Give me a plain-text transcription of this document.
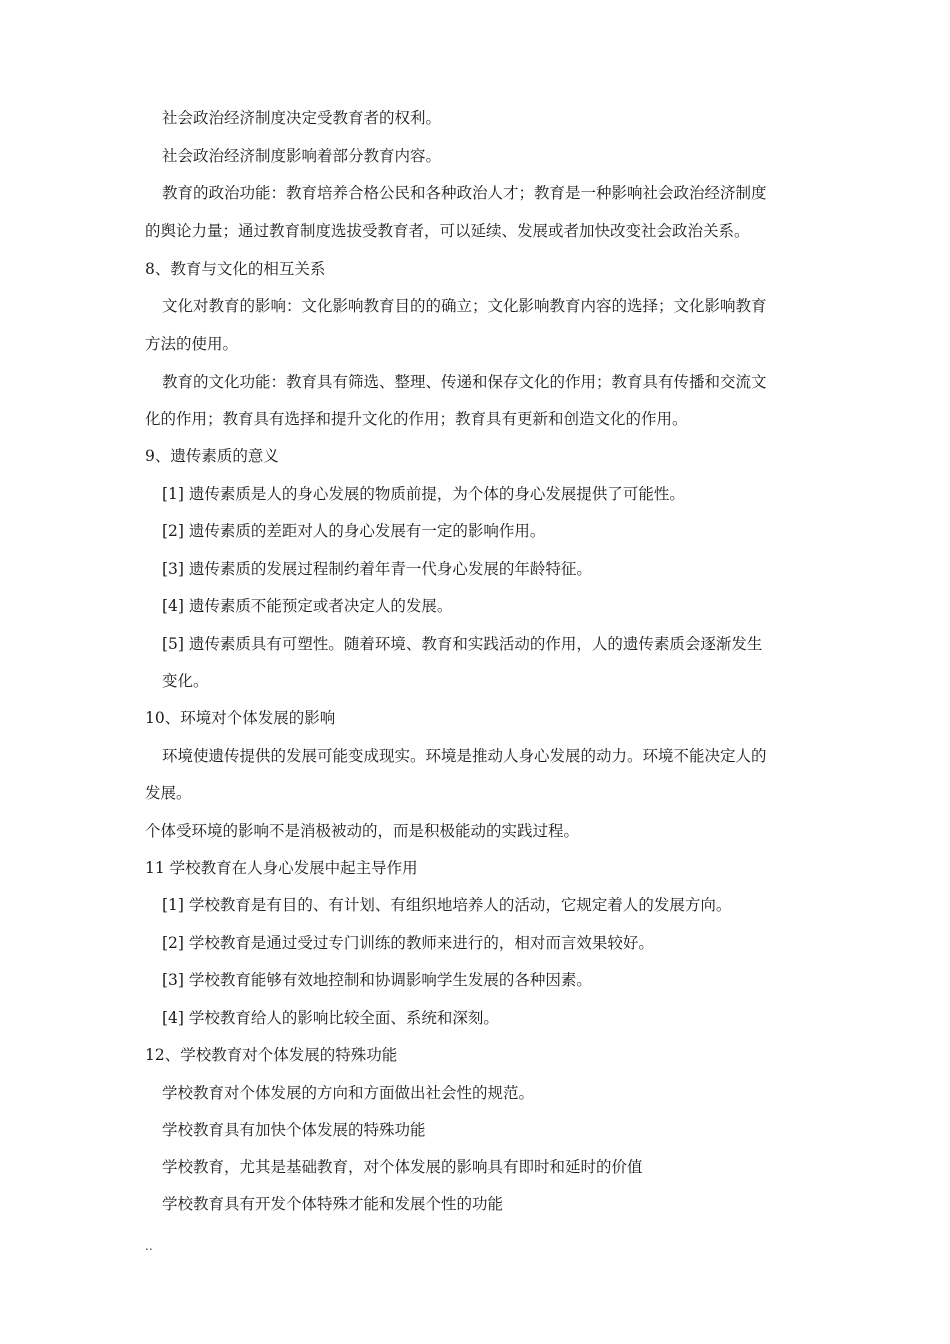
社会政治经济制度决定受教育者的权利。
社会政治经济制度影响着部分教育内容。
教育的政治功能：教育培养合格公民和各种政治人才；教育是一种影响社会政治经济制度
的舆论力量；通过教育制度选拔受教育者，可以延续、发展或者加快改变社会政治关系。
8、教育与文化的相互关系
文化对教育的影响：文化影响教育目的的确立；文化影响教育内容的选择；文化影响教育
方法的使用。
教育的文化功能：教育具有筛选、整理、传递和保存文化的作用；教育具有传播和交流文
化的作用；教育具有选择和提升文化的作用；教育具有更新和创造文化的作用。
9、遗传素质的意义
[1] 遗传素质是人的身心发展的物质前提，为个体的身心发展提供了可能性。
[2] 遗传素质的差距对人的身心发展有一定的影响作用。
[3] 遗传素质的发展过程制约着年青一代身心发展的年龄特征。
[4] 遗传素质不能预定或者决定人的发展。
[5] 遗传素质具有可塑性。随着环境、教育和实践活动的作用，人的遗传素质会逐渐发生
变化。
10、环境对个体发展的影响
环境使遗传提供的发展可能变成现实。环境是推动人身心发展的动力。环境不能决定人的
发展。
个体受环境的影响不是消极被动的，而是积极能动的实践过程。
11 学校教育在人身心发展中起主导作用
[1] 学校教育是有目的、有计划、有组织地培养人的活动，它规定着人的发展方向。
[2] 学校教育是通过受过专门训练的教师来进行的，相对而言效果较好。
[3] 学校教育能够有效地控制和协调影响学生发展的各种因素。
[4] 学校教育给人的影响比较全面、系统和深刻。
12、学校教育对个体发展的特殊功能
学校教育对个体发展的方向和方面做出社会性的规范。
学校教育具有加快个体发展的特殊功能
学校教育，尤其是基础教育，对个体发展的影响具有即时和延时的价值
学校教育具有开发个体特殊才能和发展个性的功能
..
